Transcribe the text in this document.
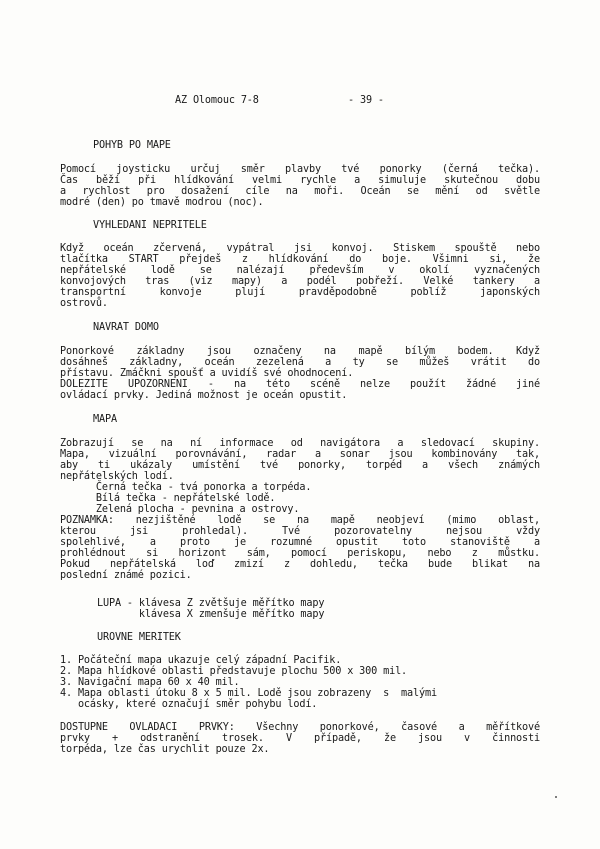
AZ Olomouc 7-8	- 39 -
POHYB PO MAPE
Pomocí joysticku určuj směr plavby tvé ponorky (černá tečka).
Čas běží při hlídkování velmi rychle a simuluje skutečnou dobu
a rychlost pro dosažení cíle na moři. Oceán se mění od světle
modré (den) po tmavě modrou (noc).
VYHLEDANI NEPRITELE
Když oceán zčervená, vypátral jsi konvoj. Stiskem spouště nebo
tlačítka START přejdeš z hlídkování do boje. Všimni si, že
nepřátelské lodě se nalézají především v okolí vyznačených
konvojových tras (viz mapy) a podél pobřeží. Velké tankery a
transportní konvoje plují pravděpodobně poblíž japonských
ostrovů.
NAVRAT DOMO
Ponorkové základny jsou označeny na mapě bílým bodem. Když
dosáhneš základny, oceán zezelená a ty se můžeš vrátit do
přístavu. Zmáčkni spoušť a uvidíš své ohodnocení.
DOLEZITE UPOZORNENI - na této scéně nelze použít žádné jiné
ovládací prvky. Jediná možnost je oceán opustit.
MAPA
Zobrazují se na ní informace od navigátora a sledovací skupiny.
Mapa, vizuální porovnávání, radar a sonar jsou kombinovány tak,
aby ti ukázaly umístění tvé ponorky, torpéd a všech známých
nepřátelských lodí.
Černá tečka - tvá ponorka a torpéda.
Bílá tečka - nepřátelské lodě.
Zelená plocha - pevnina a ostrovy.
POZNAMKA: nezjištěné lodě se na mapě neobjeví (mimo oblast,
kterou jsi prohledal). Tvé pozorovatelny nejsou vždy
spolehlivé, a proto je rozumné opustit toto stanoviště a
prohlédnout si horizont sám, pomocí periskopu, nebo z můstku.
Pokud nepřátelská loď zmizí z dohledu, tečka bude blikat na
poslední známé pozici.
LUPA - klávesa Z zvětšuje měřítko mapy
klávesa X zmenšuje měřítko mapy
UROVNE MERITEK
1. Počáteční mapa ukazuje celý západní Pacifik.
2. Mapa hlídkové oblasti představuje plochu 500 x 300 mil.
3. Navigační mapa 60 x 40 mil.
4. Mapa oblasti útoku 8 x 5 mil. Lodě jsou zobrazeny  s  malými
ocásky, které označují směr pohybu lodí.
DOSTUPNE OVLADACI PRVKY: Všechny ponorkové, časové a měřítkové
prvky + odstranění trosek. V případě, že jsou v činnosti
torpéda, lze čas urychlit pouze 2x.
